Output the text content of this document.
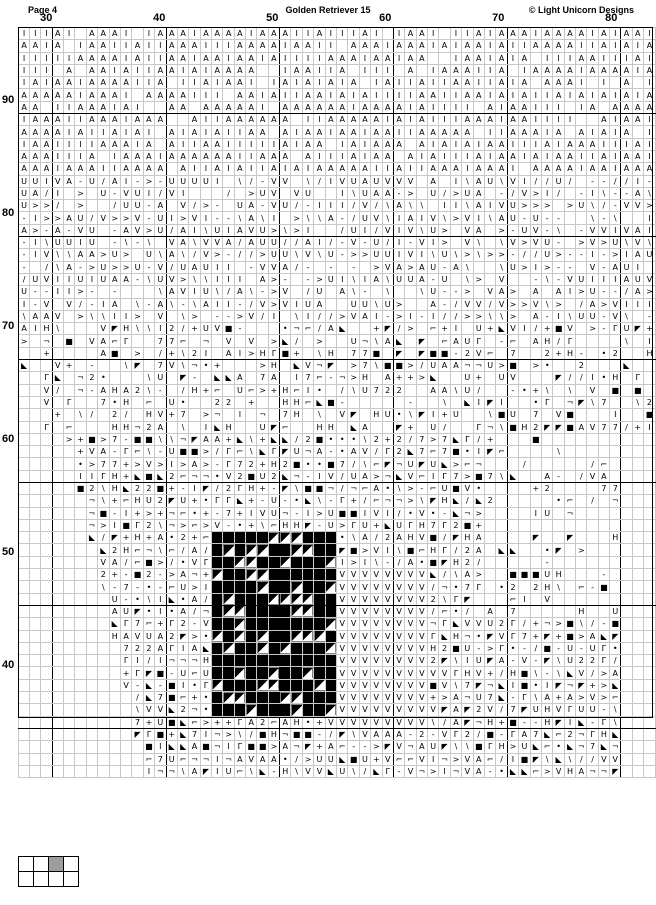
Page 4	Golden Retriever 15	© Light Unicorn Designs
30	40	50	60	70	80
90
80
70
60
50
40
I	I	I	A	I		A	A	A	I		I	A	A	A	I	A	A	A	A	I	A	A	A	I	I	A	I	I	I	A	I		I	A	A	I		I	I	A	I	A	A	A	I	A	A	A	A	I	A	I	A	A	I
A	A	I	A		I	A	A	I	I	A	I	I	A	A	A	I	I	I	A	A	A	A	I	A	A	I	I		A	A	A	I	A	A	A	I	A	I	A	A	I	A	I	I	A	A	A	A	I	I	A	I	A	I	A
I	I	I	I	I	A	A	A	A	I	A	I	I	A	A	I	A	A	I	A	A	I	A	I	I	I	I	A	A	A	I	A	A	I	A	A			I	A	A	I	A	I	A		I	I	I	A	A	I	I	I	A	I
I	I	I		A		A	A	I	A	I	I	A	A	I	A	I	A	A	A	A			I	A	A	I	I	A		I	I	I		A		I	A	A	A	I	I	A		I	A	A	A	A	I	A	A	A	A	I	A
I	A	I	A	A	I	A	A	A	A	I	I	A		I	I	A	I	A	A	I		I	A	I	A	I	A	I	A		I	A	I	I	A	I	I	A	A	I	I	A	I	A		A	A	A	I		I		A		I
A	A	A	A	A	I	A	A	A	I		A	A	A	A	I	I	I		A	A	I	A	I	I	A	A	I	A	I	A	I	I	I	I	A	A	I	I	A	A	I	A	I	A	I	I	A	I	A	I	A	I	A	I	A
A	A		I	I	A	A	A	I	A	I			A	A		A	A	A	A	A	I		A	A	A	A	A	A	I	A	A	A	A	I	A	I	I	I	I		A	I	A	A	I	I	I		I	A		A	A	A	A
I	A	A	A	I	I	A	A	A	I	A	A	A			A	I	I	A	A	A	A	A	A		I	I	A	A	A	A	A	I	A	I	A	I	I	I	A	A	A	I	A	A	I	I	I	I			A	I	A	A	I
A	A	A	A	I	A	I	I	A	I	A	I		A	I	A	I	A	I	I	A	A		A	I	A	A	I	A	A	I	A	A	I	I	A	A	A	A	A		I	I	A	A	A	I	A		A	I	A	I	A		I
I	A	A	I	I	I	I	A	A	A	I	A		A	I	I	A	A	I	I	I	I	I	A	I	A	A		I	A	I	A	A	A		A	I	A	I	A	I	A	A	I	I	I	A	I	A	A	A	I	I	I	A	I
A	A	A	I	I	I	A		I	A	A	A	I	A	A	A	A	A	A	I	I	A	A	A		A	I	I	I	A	I	A	A		A	I	A	I	I	I	A	I	A	A	I	A	I	A	A	I	I	A	I	A	A	I
A	A	A	I	A	A	A	I	I	A	A	A	A		A	I	I	A	I	A	I	I	A	I	A	I	A	A	A	A	A	I	I	A	I	I	A	A	A	I	A	A	A	I		A	A	A	A	I	A	A	I	A	A	A
U	U	I	V	A	-	U	/	A	I	-	>	-	U	U	U	U	I		\	/	-	V	V		\	/	I	V	U	A	U	V	V	V		A		I	\	A	U	\	V	I	/	/	U	/		-	-	/	/	I	-
U	A	/	I		>		U	-	V	U	I	/	V	I				/		>	U	V		V	U			I	\	U	A	A	-	>		U	/	>	U	A		-	/	V	>	I	/		-	I	\	-	-	A	\
U	>	>	/		>			/	U	U	-	A		V	/	>	-		U	A	-	V	U	/	-	I	I	I	/	V	/	\	A	\	\		I	I	\	A	I	V	U	>	>	>		>	U	\	/	-	V	V	>
-	I	>	>	A	U	/	V	>	>	V	-	U	I	>	V	I	-	-	\	A	\	I		>	\	\	A	-	/	U	V	\	I	A	I	V	\	>	V	I	\	A	U	-	U	-	-			\	-	\			I
A	>	-	A	-	V	U		-	A	V	>	U	/	A	I	\	U	I	A	V	U	>	\	>	I			/	U	I	/	V	I	V	\	U	>		V	A		>	-	U	V	-	\		-	V	V	I	V	A	I
-	I	\	U	U	I	U		-	\	-	\		V	A	\	V	V	A	/	A	U	U	/	/	A	I	/	-	V	-	U	/	I	-	V	I	>		V	\		\	V	>	V	U	-		>	V	>	U	\	V	\
-	I	V	\	\	A	A	>	U	>		U	\	A	\	/	V	>	-	/	/	>	U	U	\	V	\	U	-	>	>	U	U	I	V	I	\	U	\	>	\	>	>	-	/	/	U	>	-	-	I	-	>	I	A	U
-		/	\	A	-	>	U	>	>	U	-	V	/	U	A	U	I	I		-	V	V	A	/	-		-		-		>	V	A	>	A	U	-	A	\			\	U	>	I	>	-	-		V	-	A	U	I	
/	U	V	I	I	U	I	U	A	A	-	\	U	V	>	\	\	I	I	I		A	>	-		-	>	U	I	\	I	A	\	U	U	A	-	U		\	>		V			-	\	-	V	U	I	I	I	A	U	V
U	-	-	I	I	>	-		-				\	A	V	I	U	\	/	A	\	-	>	V		/	U		A	\	-		\			\	U	-	-	>		V	A	>		A		A	I	>	U	-	-	/	A	>
I	-	V		V	/	-	I	A		\	-	A	\	-	\	A	I	I	-	/	V	>	V	I	U	A			U	U	\	U	>			A	-	/	V	V	/	V	>	>	V	\	>		/	A	>	V	I	I	I
\	A	A	V		>	\	\	I	I	>		V		\	>		-	-	>	V	/	I		\	I	/	/	>	V	A	I	-	>	I	-	I	/	/	>	>	\	\	>		A	-	I	\	U	U	-	V	\		-
A	I	H	\				V	◤	H	\	\	I	2	/	+	U	V	■	-				•	¬	⌐	/	A	◣			+	◤	/	>		⌐	+	I		U	+	◣	V	I	/	+	■	V		>	-	Γ	U	◤	+
>		¬		■		V	A	⌐	Γ			7	7	⌐		¬		V		V		>	◣	/		>			U	¬	\	A	◣		◤		⌐	A	U	Γ		-	⌐		A	H	/	Γ					\		I
		+					A	■		>		/	+	\	2	I		A	I	>	H	Γ	■	+		\	H		7	7	■		◤		◤	■	■	-	2	V	⌐		7			2	+	H	-		•	2			H
◣			V	+		-			\	◤		7	V	\	¬	•	+				>	H		◣	V	¬	◤		>	7	\	■	■	>	/	U	A	A	¬	¬	U	>	■		>	•			2				◣		
		Γ	◣		¬	2	•				\	U		◤	-		◣	◣	A		7	A		I	7	⌐	-	¬	>	H		A	+	+	>	◣			U	+		U	V				◤	/	/	I	•	H		Γ	
		V	/		¬	-	A	H	A	2	\	-		/	H	+	⌐		U	⌐	>	+	H	⌐	I	•		/	\	U	7	2	2			A	A	\	U	/			-	•	+	\		\		V		■		■	
		V		Γ			7	•	H		⌐		U	•			2	2		+			H	H	⌐	◣	■	-						-			\		◣	I	◤	I			•	Γ		¬	◤	\	7			\	2
			+		\	/		2	/		H	V	+	7		>	¬		I		¬		7	H		\		V	◤		H	U	•	\	◤	I	+	U			\	■	U		7		V	■				I			■
		Γ		⌐				H	H	¬	2	A		\		I	◣	H			U	◤	⌐			H	H		◣	A			◤	+		U	/			Γ	¬	\	■	H	2	◤	◤	■	A	V	7	7	/	+	I
				>	+	■	>	7	-	■	■	\	\	¬	◤	A	A	+	◣	\	+	◣	◣	/	2	■	•	•	•	\	2	+	2	/	7	>	7	◣	Γ	/	+				■										
					+	V	A	-	Γ	⌐	\	-	U	■	■	>	/	Γ	⌐	\	◣	Γ	◤	U	¬	A	-	•	A	V	/	Γ	2	◣	7	⌐	7	■	•	I	◤	⌐					\								
					•	>	7	7	+	>	V	>	I	>	A	>	-	Γ	7	2	+	H	2	■	•	•	■	7	/	\	⌐	◤	¬	U	◤	U	◣	>	⌐	¬				/						/	⌐				
					I	I	Γ	H	+	◣	■	◣	2	⌐	¬	¬	•	V	2	■	U	2	◣	¬	-	I	V	/	U	A	>	¬	◣	V	⌐	I	Γ	7	>	■	7	\	◣			A	-		/	V	A				
					■	2	\	H	◣	2	2	■	+	-	I	◤	/	2	Γ	H	+	-	◤	\	■	■	¬	/	¬	⌐	A	•	\	>	-	⌐	U	■	V	•					+	2					7	7			
						¬	\	+	⌐	H	U	2	◤	U	+	•	Γ	Γ	◣	+	-	U	-	•	◣	\	-	Γ	+	/	⌐	¬	¬	>	\	◤	H	◣	/	◣	2						•	⌐		/		¬			
						¬	■	-	I	+	>	+	¬	⌐	•	+	-	7	+	I	V	U	¬	-	I	>	U	■	■	I	V	I	/	•	V	•	-	◣	¬	>					I	U		¬							
						¬	>	I	■	Γ	2	\	¬	>	⌐	>	V	-	•	+	\	⌐	H	H	◤	-	U	>	Γ	U	+	◣	U	Γ	H	7	Γ	2	■	+															
						◣	/	◤	+	H	+	A	•	2	+	⌐												•	\	A	/	2	A	H	V	■	/	◤	H	A					◤			◤				H			
							◣	2	H	⌐	¬	\	⌐	/	A	/												◤	■	>	V	I	\	■	⌐	H	Γ	/	2	A		◣	◣			•	◤		>						
							V	A	/	⌐	■	>	/	•	V	Γ												I	>	I	\	-	/	A	•	■	◤	H	2	/						-									
							2	+	-	■	2	-	>	A	¬	+												V	V	V	V	V	V	V	V	◣	/	\	A	>			■	■	■	U	H				-				
							\	-	7	-	•	-	⌐	U	>	I												V	V	V	V	V	V	V	V	/	¬	•	7	Γ		•	2		2	H	\		⌐	-	■				
								U	-	•	\	I	◣	•	A	/												V	V	V	V	V	V	V	V	2	\	Γ	◤				⌐	I		V									
								A	U	◤	•	I	•	A	/	¬												V	V	V	V	V	V	V	V	/	⌐	•	/		A		7						H			U			
								◣	Γ	7	⌐	+	Γ	2	-	V												V	V	V	V	V	V	V	V	¬	Γ	◣	V	V	U	2	Γ	/	+	¬	>	■	\	/	-	■			
								H	A	V	U	A	2	◤	>	•												V	V	V	V	V	V	V	V	Γ	◣	H	¬	•	◤	V	Γ	7	+	◤	+	■	>	A	◣	◤			
									7	2	2	A	Γ	I	A	◣												V	V	V	V	V	V	V	V	H	2	■	U	-	>	Γ	•	-	/	■	-	U	-	U	Γ	•			
									Γ	I	/	I	¬	¬	¬	H												V	V	V	V	V	V	V	V	2	◤	\	I	U	◤	A	-	V	-	◤	\	U	2	2	Γ	/			
									+	Γ	◤	■	-	U	⌐	U												V	V	V	V	V	V	V	V	V	V	Γ	H	V	+	/	H	■	\	-	\	◣	V	/	>	A			
									V	-	◣	-	■	I	•	Γ												V	V	V	V	V	V	V	V	■	V	\	7	◤	¬	◣	I	■	•	I	◤	¬	◤	+	>	◣			
										/	◣	7	■	⌐	+	•												V	V	V	V	V	V	V	V	+	>	A	¬	U	7	◣	-	Γ	\	A	+	A	>	V	>	⌐			
										\	V	V	◣	2	¬	•												V	V	V	V	V	V	V	V	V	◤	A	◤	2	V	/	7	◤	U	H	V	Γ	U	U	-	\			
										7	+	U	■	◣	⌐	>	+	+	Γ	A	2	⌐	A	H	•	+	V	V	V	V	V	V	V	V	V	\	/	A	◤	¬	H	+	■	-	-	H	◤	I	◣	-	Γ	\			
										◤	Γ	■	+	◣	7	I	¬	>	\	/	■	H	¬	■	■	-	/	◤	\	V	A	A	A	-	2	-	V	Γ	2	/	■	-	Γ	A	7	◣	⌐	2	¬	Γ	H	◣			
											■	I	◣	◣	A	■	¬	I	Γ	■	■	>	A	¬	◤	+	A	⌐	-	-	>	◤	V	¬	A	U	◤	\	\	■	Γ	H	>	U	◣	⌐	•	◣	¬	7	◣	¬			
											⌐	7	U	⌐	¬	¬	I	¬	A	V	A	A	•	/	>	U	U	◣	■	U	+	V	⌐	⌐	V	I	¬	>	V	A	⌐	/	I	■	◤	\	◣	\	/	/	V	V			
											I	¬	¬	\	A	◤	I	U	⌐	\	◣	-	H	\	V	V	◣	U	\	/	◣	Γ	-	V	¬	>	I	¬	V	A	-	•	◣	◣	⌐	>	V	H	A	¬	¬	◤			
